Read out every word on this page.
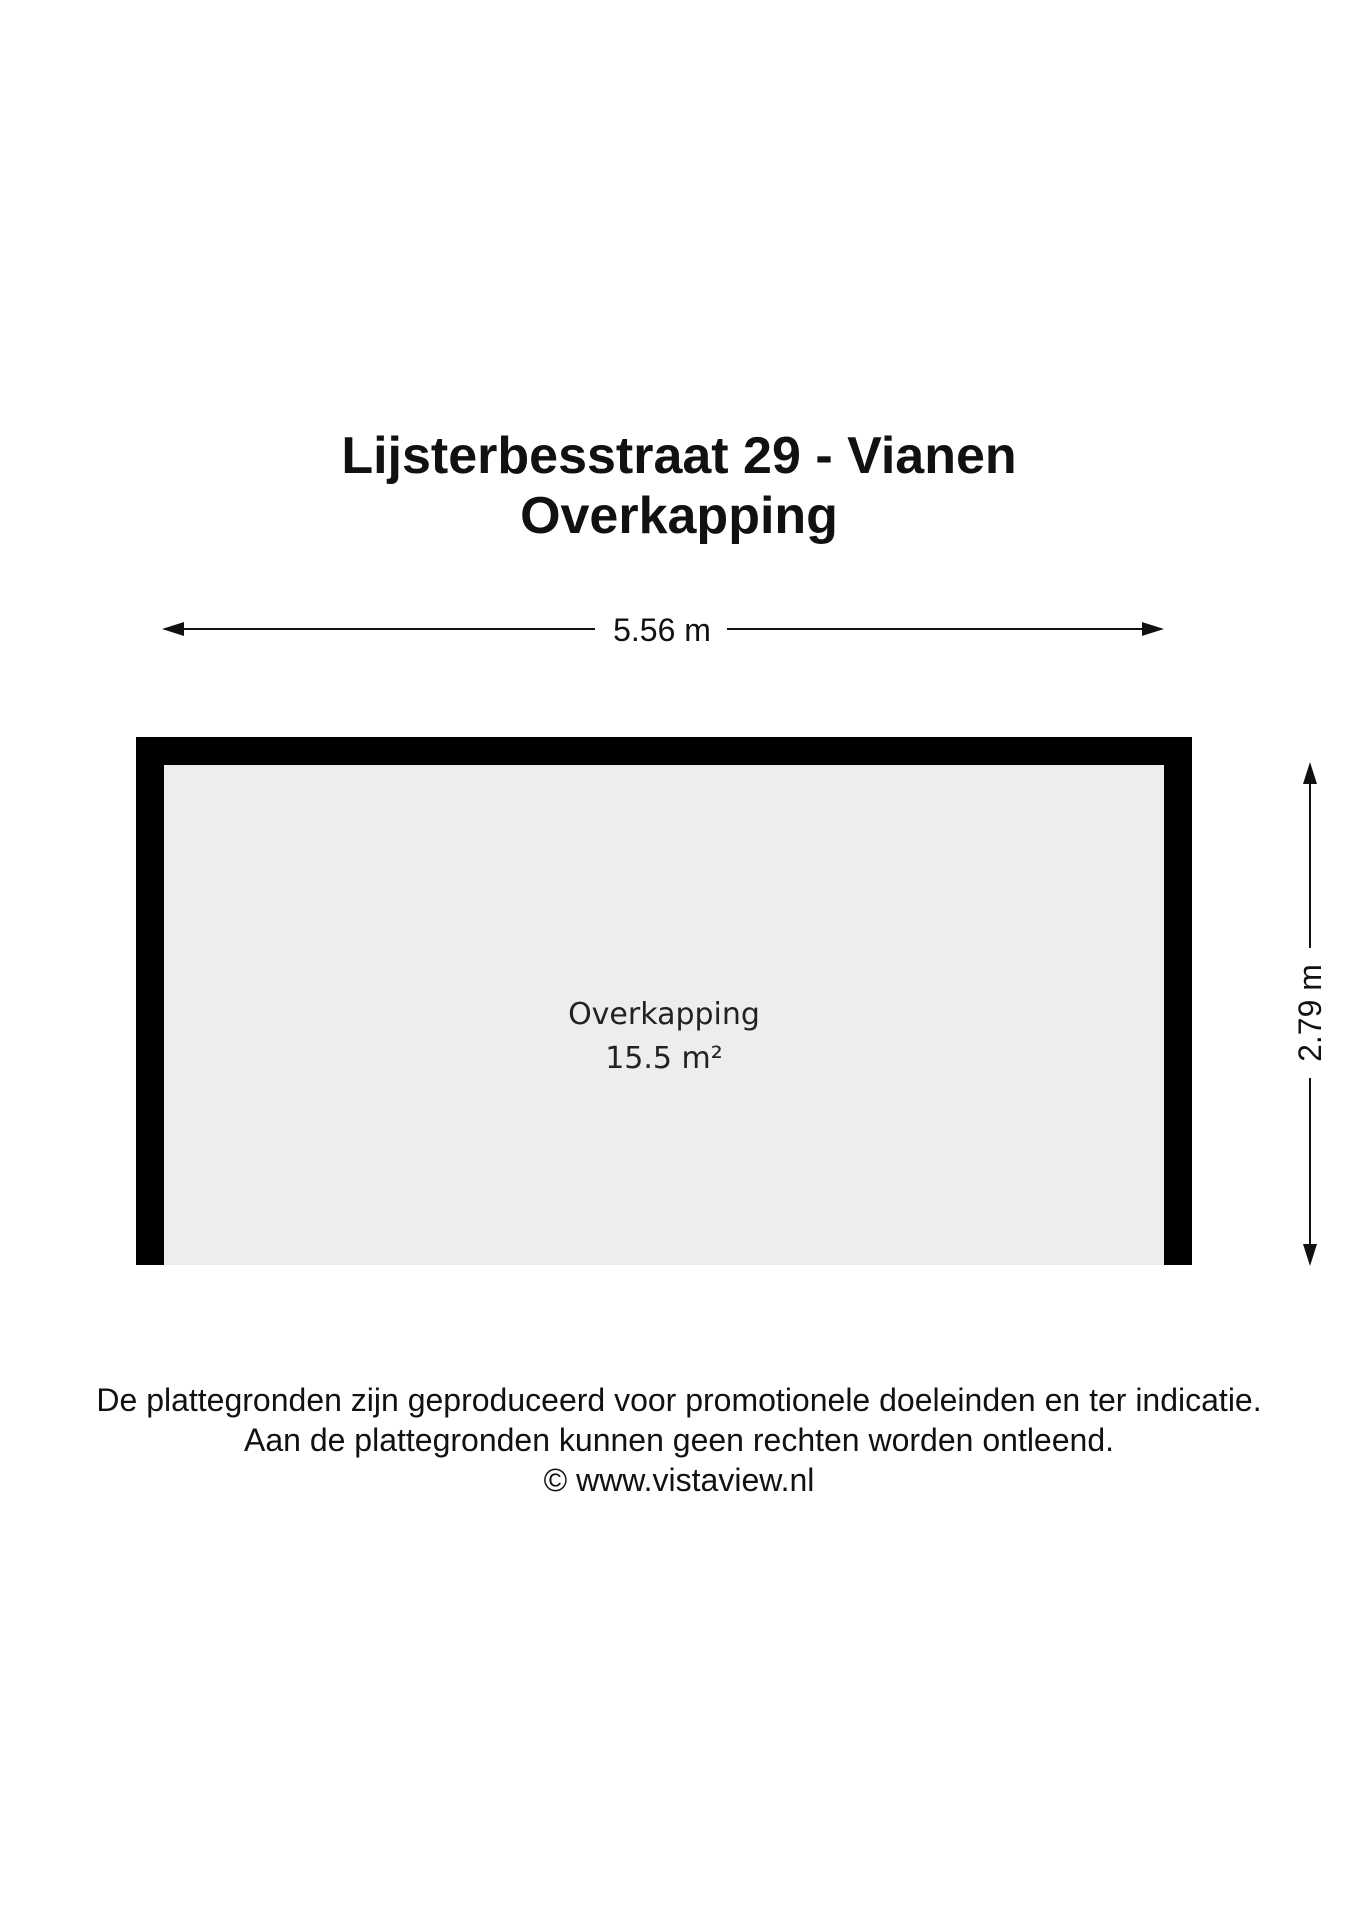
Lijsterbesstraat 29 - Vianen
Overkapping
5.56 m
Overkapping
15.5 m²	2.79 m
De plattegronden zijn geproduceerd voor promotionele doeleinden en ter indicatie.
Aan de plattegronden kunnen geen rechten worden ontleend.
© www.vistaview.nl
